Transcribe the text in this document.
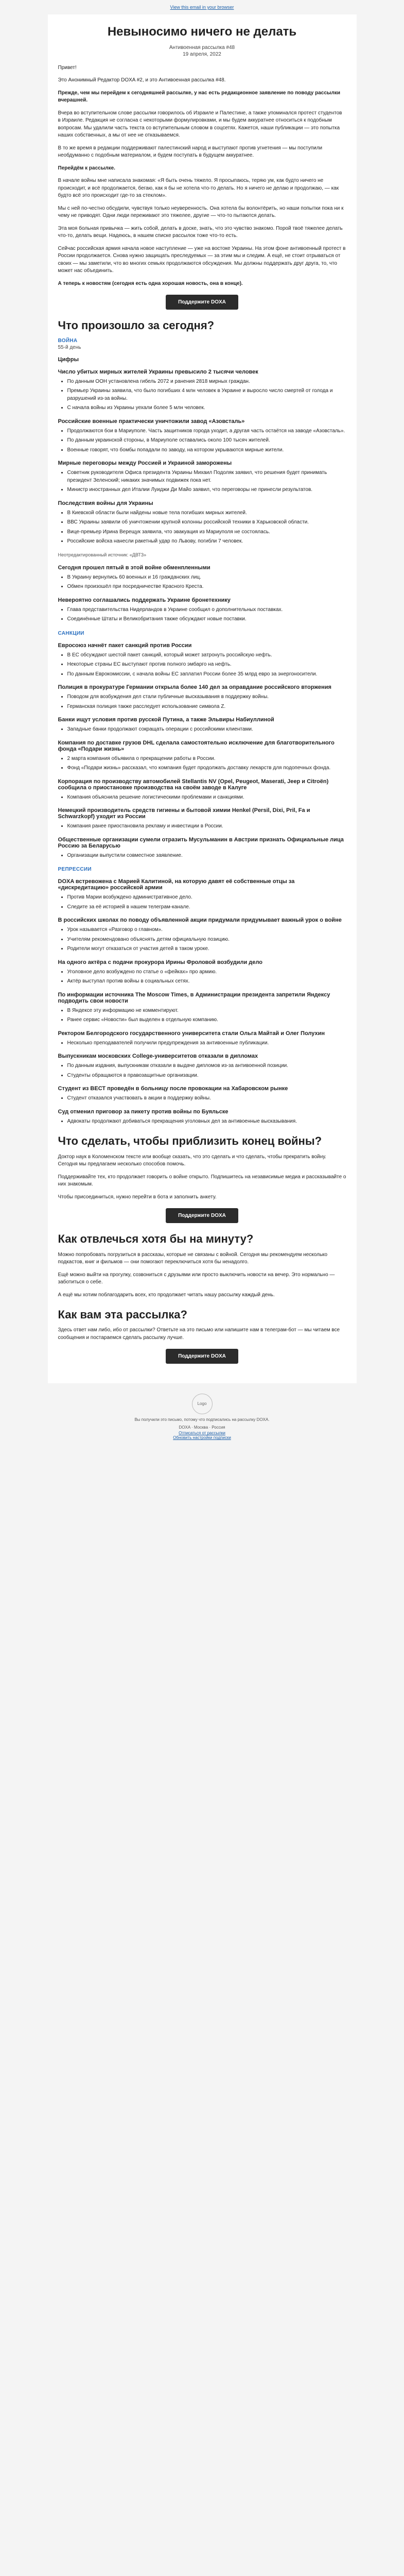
View this email in your browser
Невыносимо ничего не делать
Антивоенная рассылка #48
19 апреля, 2022

Привет!

Это Анонимный Редактор DOXA #2, и это Антивоенная рассылка #48.

Прежде, чем мы перейдем к сегодняшней рассылке, у нас есть редакционное заявление по поводу рассылки вчерашней.

Вчера во вступительном слове рассылки говорилось об Израиле и Палестине, а также упоминался протест студентов в Израиле. Редакция не согласна с некоторыми формулировками, и мы будем аккуратнее относиться к подобным вопросам. Мы удалили часть текста со вступительным словом в соцсетях. Кажется, наши публикации — это попытка наших собственных, а мы от нее не отказываемся.

В то же время в редакции поддерживают палестинский народ и выступают против угнетения — мы поступили необдуманно с подобным материалом, и будем поступать в будущем аккуратнее.

Перейдём к рассылке.

В начале войны мне написала знакомая: «Я быть очень тяжело. Я просыпаюсь, теряю ум, как будто ничего не происходит, и всё продолжается, бегаю, как я бы не хотела что-то делать. Но я ничего не делаю и продолжаю, — как будто всё это происходит где-то за стеклом».

Мы с ней по-честно обсудили, чувствуя только неуверенность. Она хотела бы волонтёрить, но наши попытки пока ни к чему не приводят. Одни люди переживают это тяжелее, другие — что-то пытаются делать.

Эта моя больная привычка — жить собой, делать в доске, знать, что это чувство знакомо. Порой твоё тяжелее делать что-то, делать вещи. Надеюсь, в нашем списке рассылок тоже что-то есть.

Сейчас российская армия начала новое наступление — уже на востоке Украины. На этом фоне антивоенный протест в России продолжается. Снова нужно защищать преследуемых — за этим мы и следим. А ещё, не стоит отрываться от своих — мы заметили, что во многих семьях продолжаются обсуждения. Мы должны поддержать друг друга, то, что может нас объединить.

А теперь к новостям (сегодня есть одна хорошая новость, она в конце).

Поддержите DOXA
Что произошло за сегодня?
ВОЙНА
55-й день
Цифры
Число убитых мирных жителей Украины превысило 2 тысячи человек
• По данным ООН установлена гибель 2072 и ранения 2818 мирных граждан.
• Премьер Украины заявила, что было погибших 4 млн человек в Украине и выросло число смертей от голода и разрушений из-за войны.
• С начала войны из Украины уехали более 5 млн человек.
Российские военные практически уничтожили завод «Азовсталь»
• Продолжаются бои в Мариуполе. Часть защитников города уходит, а другая часть остаётся на заводе «Азовсталь».
• По данным украинской стороны, в Мариуполе оставались около 100 тысяч жителей.
• Военные говорят, что бомбы попадали по заводу, на котором укрываются мирные жители.
Мирные переговоры между Россией и Украиной заморожены
• Советник руководителя Офиса президента Украины Михаил Подоляк заявил, что решения будет принимать президент Зеленский; никаких значимых подвижек пока нет.
• Министр иностранных дел Италии Луиджи Ди Майо заявил, что переговоры не принесли результатов.
Последствия войны для Украины
• В Киевской области были найдены новые тела погибших мирных жителей.
• ВВС Украины заявили об уничтожении крупной колонны российской техники в Харьковской области.
• Вице-премьер Ирина Верещук заявила, что эвакуация из Мариуполя не состоялась.
• Российские войска нанесли ракетный удар по Львову, погибли 7 человек.

Неотредактированный источник: «ДВТЗ»

Сегодня прошел пятый в этой войне обменпленными
• В Украину вернулись 60 военных и 16 гражданских лиц.
• Обмен произошёл при посредничестве Красного Креста.
Невероятно соглашались поддержать Украине бронетехнику
• Глава представительства Нидерландов в Украине сообщил о дополнительных поставках.
• Соединённые Штаты и Великобритания также обсуждают новые поставки.
САНКЦИИ
Евросоюз начнёт пакет санкций против России
• В ЕС обсуждают шестой пакет санкций, который может затронуть российскую нефть.
• Некоторые страны ЕС выступают против полного эмбарго на нефть.
• По данным Еврокомиссии, с начала войны ЕС заплатил России более 35 млрд евро за энергоносители.
Полиция в прокуратуре Германии открыла более 140 дел за оправдание российского вторжения
• Поводом для возбуждения дел стали публичные высказывания в поддержку войны.
• Германская полиция также расследует использование символа Z.
Банки ищут условия против русской Путина, а также Эльвиры Набиуллиной
• Западные банки продолжают сокращать операции с российскими клиентами.
Компания по доставке грузов DHL сделала самостоятельно исключение для благотворительного фонда «Подари жизнь»
• 2 марта компания объявила о прекращении работы в России.
• Фонд «Подари жизнь» рассказал, что компания будет продолжать доставку лекарств для подопечных фонда.
Корпорация по производству автомобилей Stellantis NV (Opel, Peugeot, Maserati, Jeep и Citroën) сообщила о приостановке производства на своём заводе в Калуге
• Компания объяснила решение логистическими проблемами и санкциями.
Немецкий производитель средств гигиены и бытовой химии Henkel (Persil, Dixi, Pril, Fa и Schwarzkopf) уходит из России
• Компания ранее приостановила рекламу и инвестиции в России.
Общественные организации сумели отразить Мусульманин в Австрии признать Официальные лица Россию за Беларусью
• Организации выпустили совместное заявление.
РЕПРЕССИИ
DOXA встревожена с Марией Калитиной, на которую давят её собственные отцы за «дискредитацию» российской армии
• Против Марии возбуждено административное дело.
• Следите за её историей в нашем телеграм-канале.
В российских школах по поводу объявленной акции придумали придумывает важный урок о войне
• Урок называется «Разговор о главном».
• Учителям рекомендовано объяснять детям официальную позицию.
• Родители могут отказаться от участия детей в таком уроке.
На одного актёра с подачи прокурора Ирины Фроловой возбудили дело
• Уголовное дело возбуждено по статье о «фейках» про армию.
• Актёр выступал против войны в социальных сетях.
По информации источника The Moscow Times, в Администрации президента запретили Яндексу подводить свои новости
• В Яндексе эту информацию не комментируют.
• Ранее сервис «Новости» был выделен в отдельную компанию.
Ректором Белгородского государственного университета стали Ольга Майтай и Олег Полухин
• Несколько преподавателей получили предупреждения за антивоенные публикации.
Выпускникам московских College-университетов отказали в дипломах
• По данным издания, выпускникам отказали в выдаче дипломов из-за антивоенной позиции.
• Студенты обращаются в правозащитные организации.
Студент из ВЕСТ проведён в больницу после провокации на Хабаровском рынке
• Студент отказался участвовать в акции в поддержку войны.
Суд отменил приговор за пикету против войны по Буяльске
• Адвокаты продолжают добиваться прекращения уголовных дел за антивоенные высказывания.
Что сделать, чтобы приблизить конец войны?

Доктор наук в Коломенском тексте или вообще сказать, что это сделать и что сделать, чтобы прекратить войну. Сегодня мы предлагаем несколько способов помочь.

Поддерживайте тех, кто продолжает говорить о войне открыто. Подпишитесь на независимые медиа и рассказывайте о них знакомым.

Чтобы присоединиться, нужно перейти в бота и заполнить анкету.

Поддержите DOXA
Как отвлечься хотя бы на минуту?

Можно попробовать погрузиться в рассказы, которые не связаны с войной. Сегодня мы рекомендуем несколько подкастов, книг и фильмов — они помогают переключиться хотя бы ненадолго.

Ещё можно выйти на прогулку, созвониться с друзьями или просто выключить новости на вечер. Это нормально — заботиться о себе.

А ещё мы хотим поблагодарить всех, кто продолжает читать нашу рассылку каждый день.

Как вам эта рассылка?

Здесь ответ нам либо, ибо от рассылки? Ответьте на это письмо или напишите нам в телеграм-бот — мы читаем все сообщения и постараемся сделать рассылку лучше.

Поддержите DOXA
Logo
Вы получили это письмо, потому что подписались на рассылку DOXA.
DOXA · Москва · Россия
Отписаться от рассылки
Обновить настройки подписки
